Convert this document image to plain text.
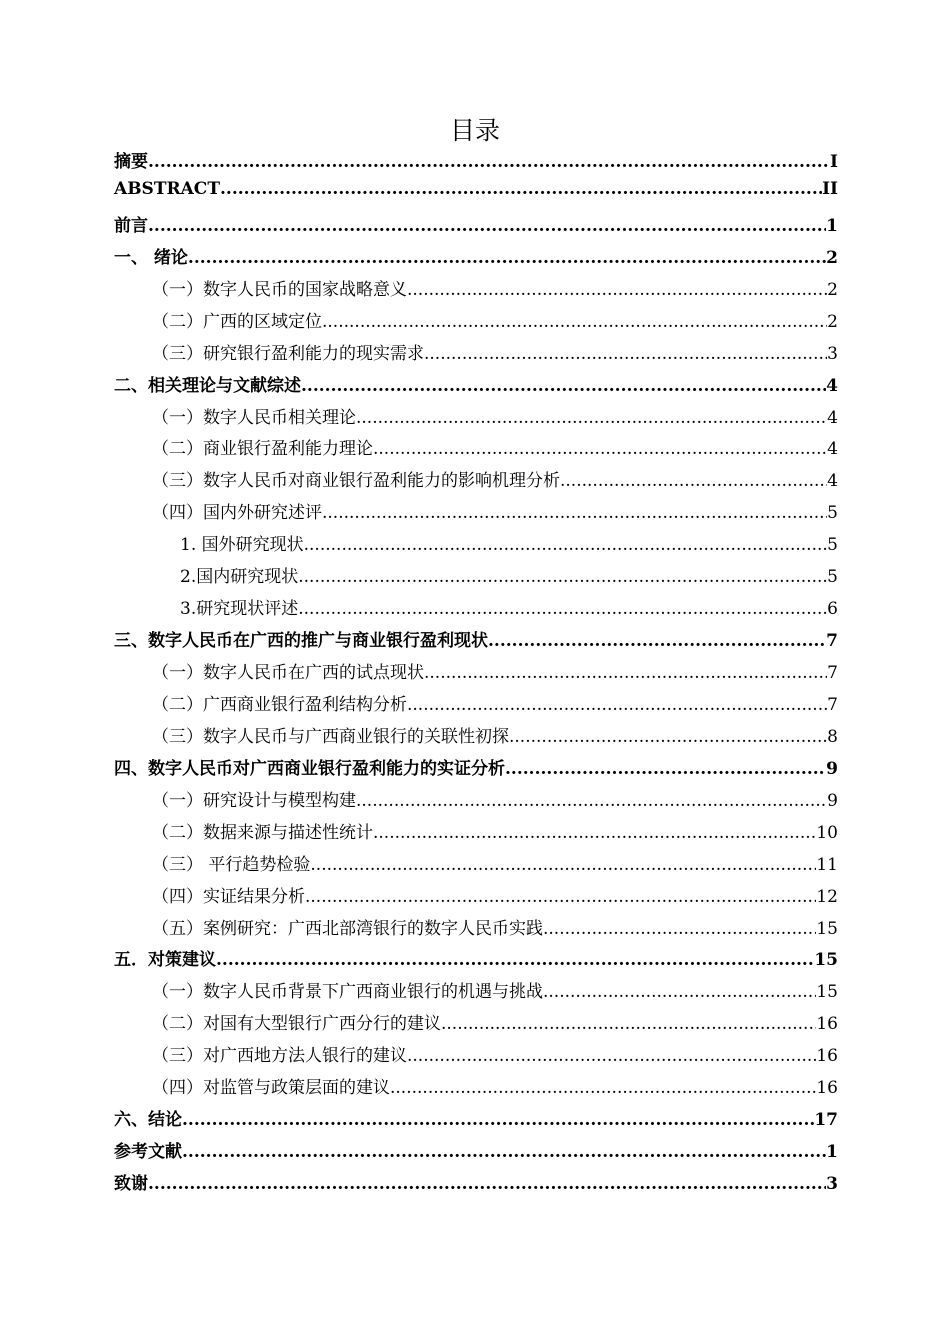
目录
摘要 .....	I
ABSTRACT .....	II
前言 .....	1
一、 绪论 .....	2
（一）数字人民币的国家战略意义 .....	2
（二）广西的区域定位 .....	2
（三）研究银行盈利能力的现实需求 .....	3
二、相关理论与文献综述 .....	4
（一）数字人民币相关理论 .....	4
（二）商业银行盈利能力理论 .....	4
（三）数字人民币对商业银行盈利能力的影响机理分析 .....	4
（四）国内外研究述评 .....	5
1. 国外研究现状 .....	5
2.国内研究现状 .....	5
3.研究现状评述 .....	6
三、数字人民币在广西的推广与商业银行盈利现状 .....	7
（一）数字人民币在广西的试点现状 .....	7
（二）广西商业银行盈利结构分析 .....	7
（三）数字人民币与广西商业银行的关联性初探 .....	8
四、数字人民币对广西商业银行盈利能力的实证分析 .....	9
（一）研究设计与模型构建 .....	9
（二）数据来源与描述性统计 .....	10
（三） 平行趋势检验 .....	11
（四）实证结果分析 .....	12
（五）案例研究：广西北部湾银行的数字人民币实践 .....	15
五．对策建议 .....	15
（一）数字人民币背景下广西商业银行的机遇与挑战 .....	15
（二）对国有大型银行广西分行的建议 .....	16
（三）对广西地方法人银行的建议 .....	16
（四）对监管与政策层面的建议 .....	16
六、结论 .....	17
参考文献 .....	1
致谢 .....	3
